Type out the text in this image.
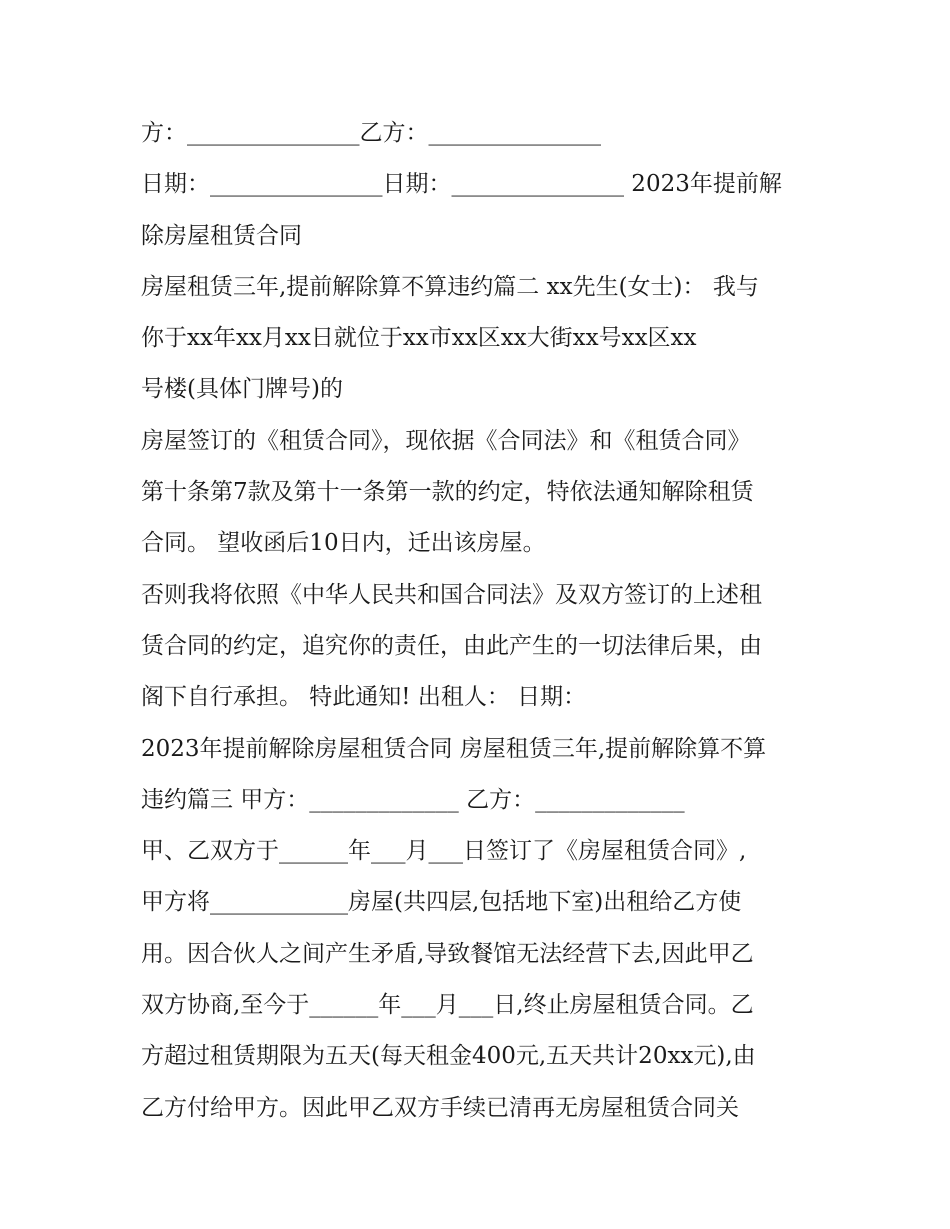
方：_______________乙方：_______________
日期：_______________日期：_______________ 2023年提前解
除房屋租赁合同
房屋租赁三年,提前解除算不算违约篇二 xx先生(女士)： 我与
你于xx年xx月xx日就位于xx市xx区xx大街xx号xx区xx
号楼(具体门牌号)的
房屋签订的《租赁合同》，现依据《合同法》和《租赁合同》
第十条第7款及第十一条第一款的约定，特依法通知解除租赁
合同。 望收函后10日内，迁出该房屋。
否则我将依照《中华人民共和国合同法》及双方签订的上述租
赁合同的约定，追究你的责任，由此产生的一切法律后果，由
阁下自行承担。 特此通知! 出租人： 日期：
2023年提前解除房屋租赁合同 房屋租赁三年,提前解除算不算
违约篇三 甲方：_____________ 乙方：_____________
甲、乙双方于______年___月___日签订了《房屋租赁合同》,
甲方将____________房屋(共四层,包括地下室)出租给乙方使
用。因合伙人之间产生矛盾,导致餐馆无法经营下去,因此甲乙
双方协商,至今于______年___月___日,终止房屋租赁合同。乙
方超过租赁期限为五天(每天租金400元,五天共计20xx元),由
乙方付给甲方。因此甲乙双方手续已清再无房屋租赁合同关
